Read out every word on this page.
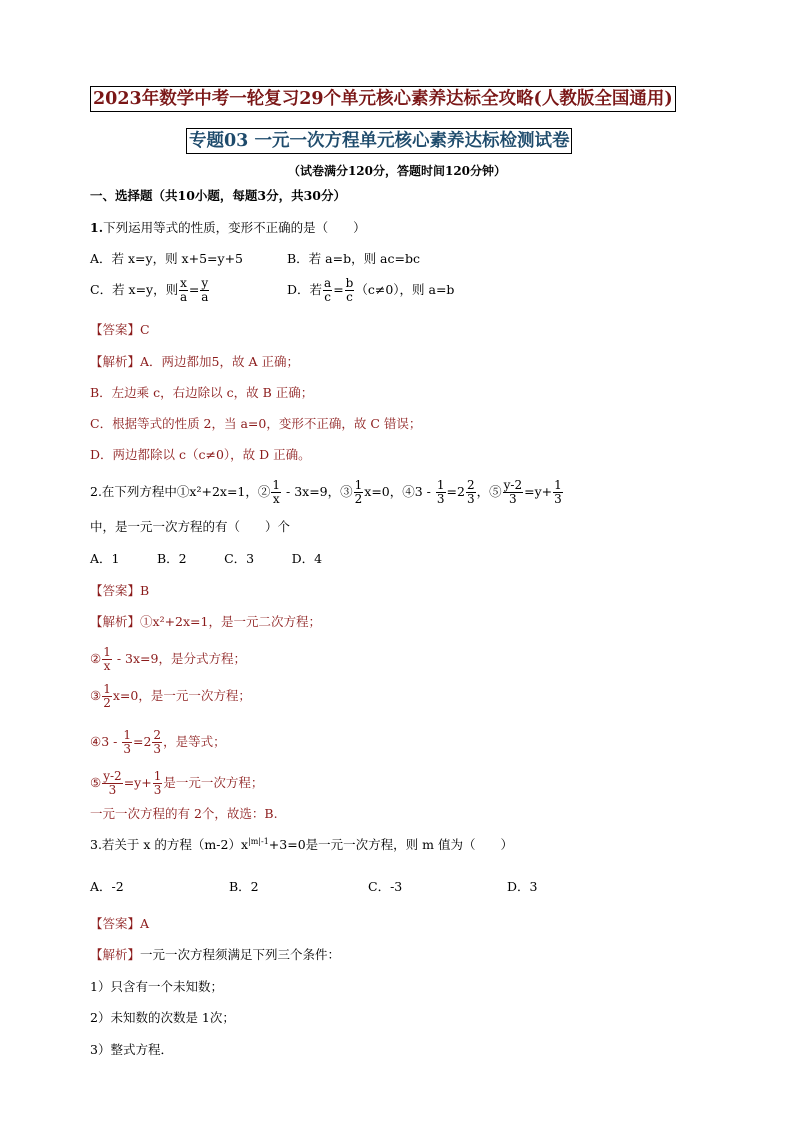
2023年数学中考一轮复习29个单元核心素养达标全攻略(人教版全国通用)
专题03 一元一次方程单元核心素养达标检测试卷
（试卷满分120分，答题时间120分钟）
一、选择题（共10小题，每题3分，共30分）
1.下列运用等式的性质，变形不正确的是（　　）
A．若 x=y，则 x+5=y+5	B．若 a=b，则 ac=bc
C．若 x=y，则 $\frac{x}{a} = \frac{y}{a}$	D．若 $\frac{a}{c} = \frac{b}{c} (c\ne 0)$，则 a=b
【答案】C
【解析】A．两边都加5，故 A 正确；
B．左边乘 c，右边除以 c，故 B 正确；
C．根据等式的性质 2，当 a=0，变形不正确，故 C 错误；
D．两边都除以 c（c≠0），故 D 正确。
2.在下列方程中①x²+2x=1，② $\frac{1}{x} - 3x=9$，③ $\frac{1}{2} x=0$，④3 - $\frac{1}{3} =2 \frac{2}{3}$ ，⑤ $\frac{y-2}{3} =y+ \frac{1}{3}$
中，是一元一次方程的有（　　）个
A．1　　　B．2　　　C．3　　　D．4
【答案】B
【解析】①x²+2x=1，是一元二次方程；
② $\frac{1}{x} - 3x=9$，是分式方程；
③ $\frac{1}{2} x=0$，是一元一次方程；
④3 - $\frac{1}{3} =2 \frac{2}{3}$ ，是等式；
⑤ $\frac{y-2}{3} =y+ \frac{1}{3}$ 是一元一次方程；
一元一次方程的有 2个，故选：B.
3.若关于 x 的方程$(m-2)x^{|m|-1}+3=0$是一元一次方程，则 m 值为（　　）
A．-2	B．2	C．-3	D．3
【答案】A
【解析】一元一次方程须满足下列三个条件：
1）只含有一个未知数；
2）未知数的次数是 1次；
3）整式方程．
